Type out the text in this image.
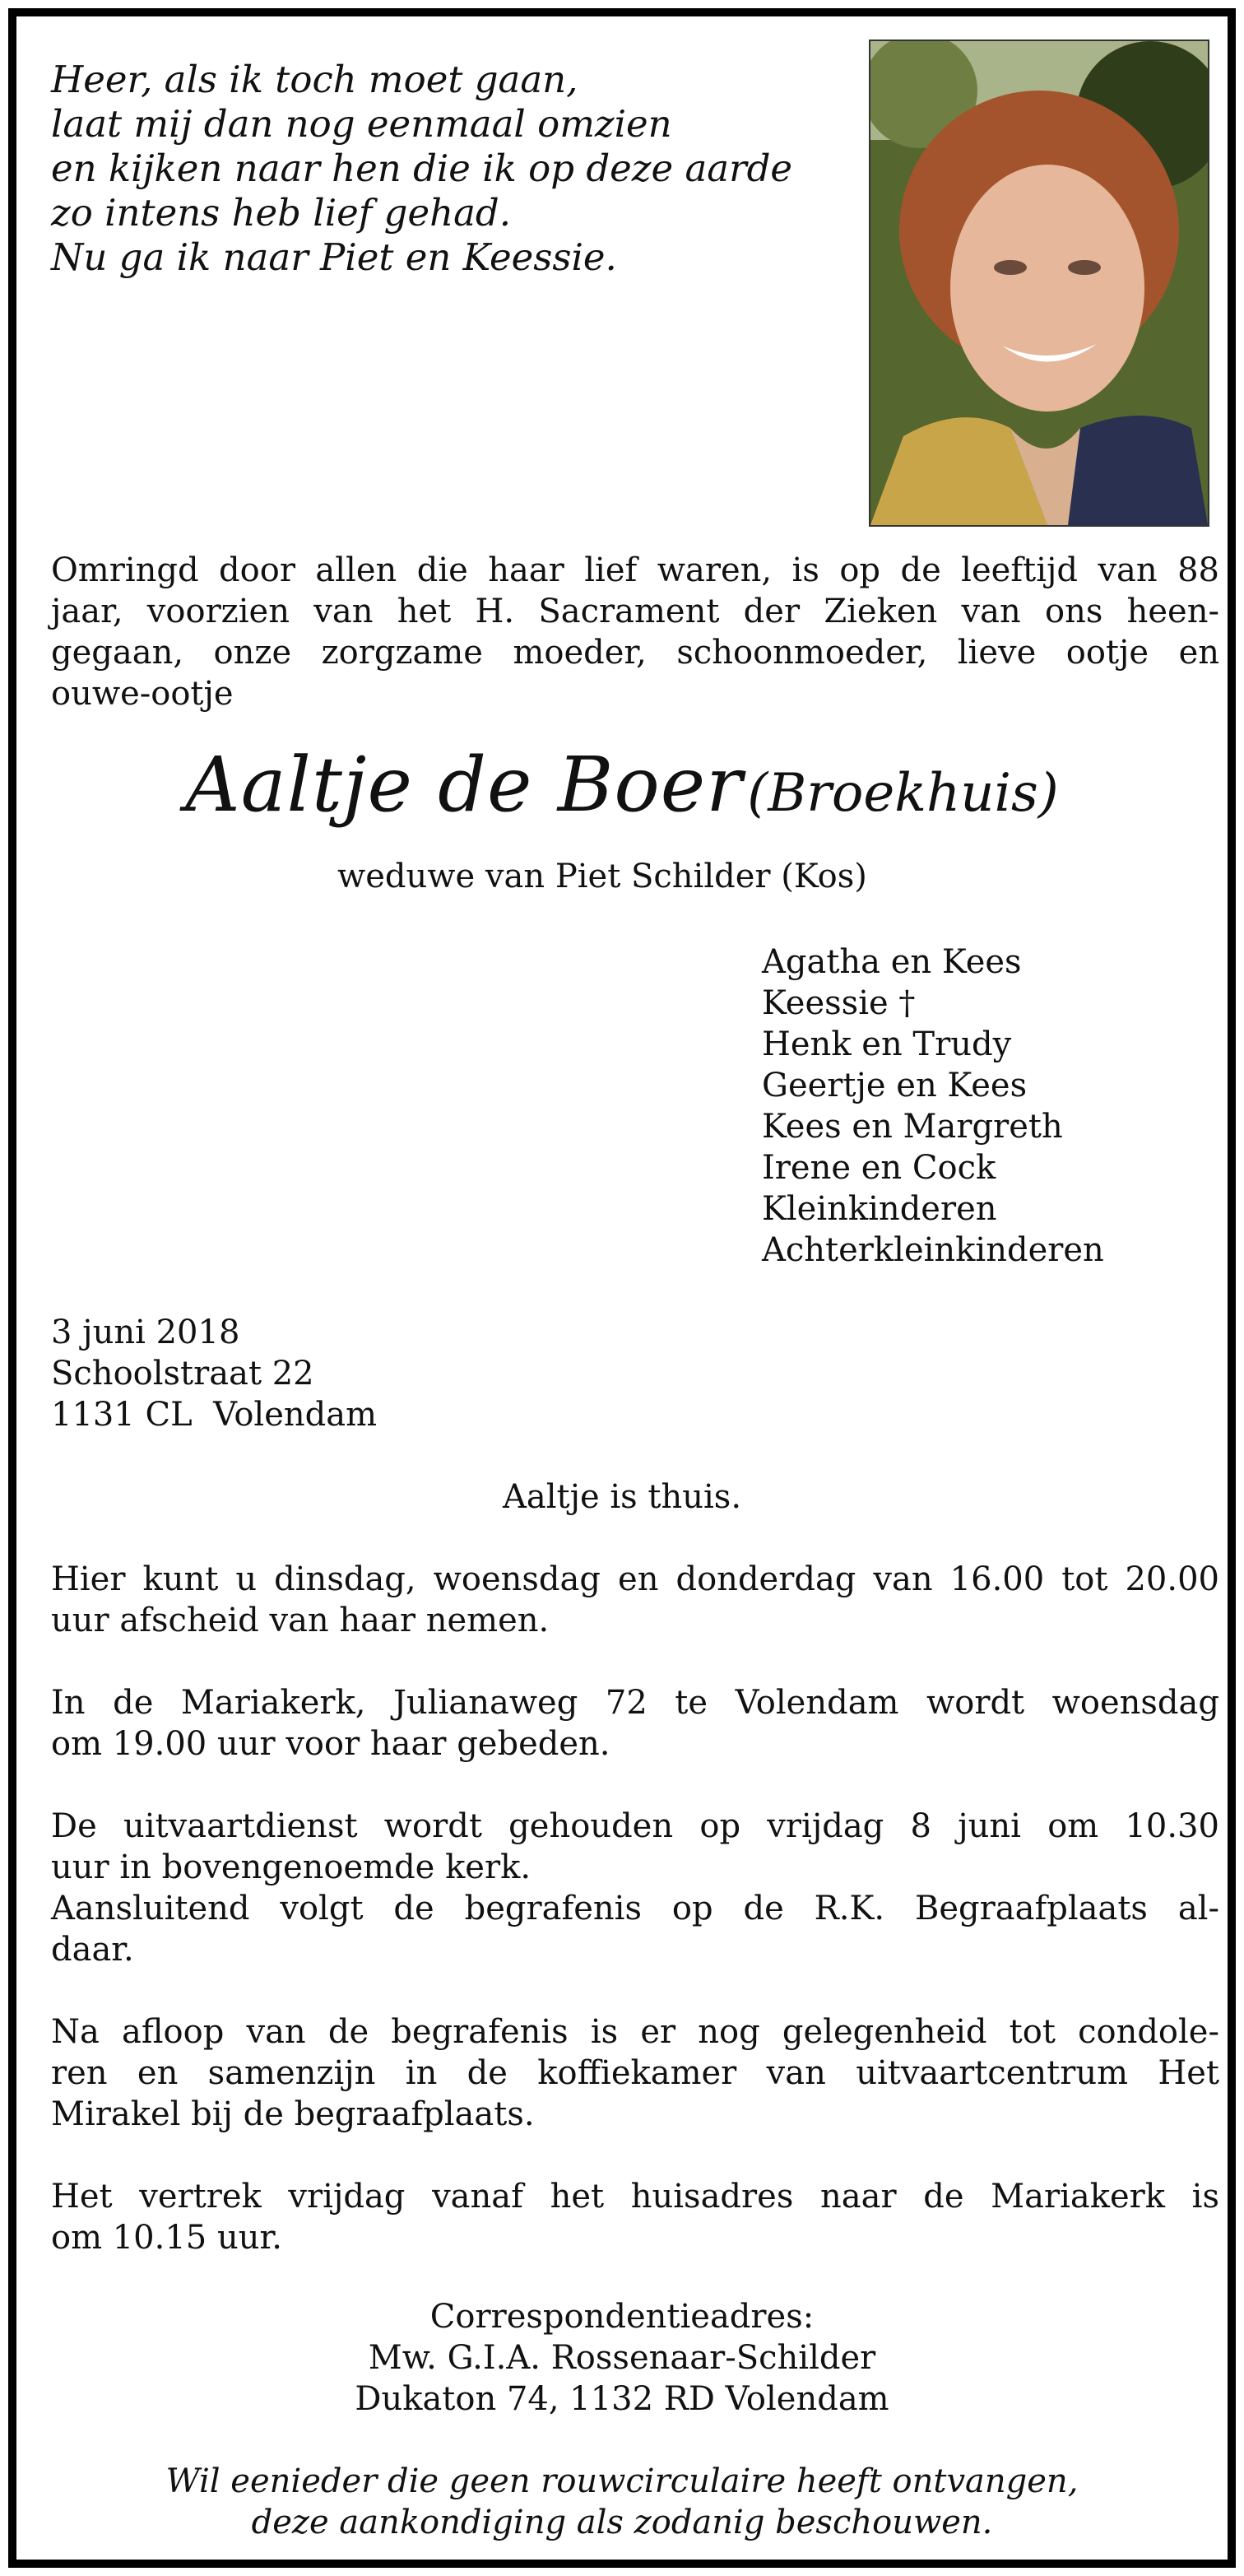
Heer, als ik toch moet gaan,
laat mij dan nog eenmaal omzien
en kijken naar hen die ik op deze aarde
zo intens heb lief gehad.
Nu ga ik naar Piet en Keessie.
Omringd door allen die haar lief waren, is op de leeftijd van 88
jaar, voorzien van het H. Sacrament der Zieken van ons heen-
gegaan, onze zorgzame moeder, schoonmoeder, lieve ootje en
ouwe-ootje
Aaltje de Boer (Broekhuis)
weduwe van Piet Schilder (Kos)
Agatha en Kees
Keessie †
Henk en Trudy
Geertje en Kees
Kees en Margreth
Irene en Cock
Kleinkinderen
Achterkleinkinderen
3 juni 2018
Schoolstraat 22
1131 CL  Volendam
Aaltje is thuis.
Hier kunt u dinsdag, woensdag en donderdag van 16.00 tot 20.00
uur afscheid van haar nemen.
In de Mariakerk, Julianaweg 72 te Volendam wordt woensdag
om 19.00 uur voor haar gebeden.
De uitvaartdienst wordt gehouden op vrijdag 8 juni om 10.30
uur in bovengenoemde kerk.
Aansluitend volgt de begrafenis op de R.K. Begraafplaats al-
daar.
Na afloop van de begrafenis is er nog gelegenheid tot condole-
ren en samenzijn in de koffiekamer van uitvaartcentrum Het
Mirakel bij de begraafplaats.
Het vertrek vrijdag vanaf het huisadres naar de Mariakerk is
om 10.15 uur.
Correspondentieadres:
Mw. G.I.A. Rossenaar-Schilder
Dukaton 74, 1132 RD Volendam
Wil eenieder die geen rouwcirculaire heeft ontvangen,
deze aankondiging als zodanig beschouwen.
